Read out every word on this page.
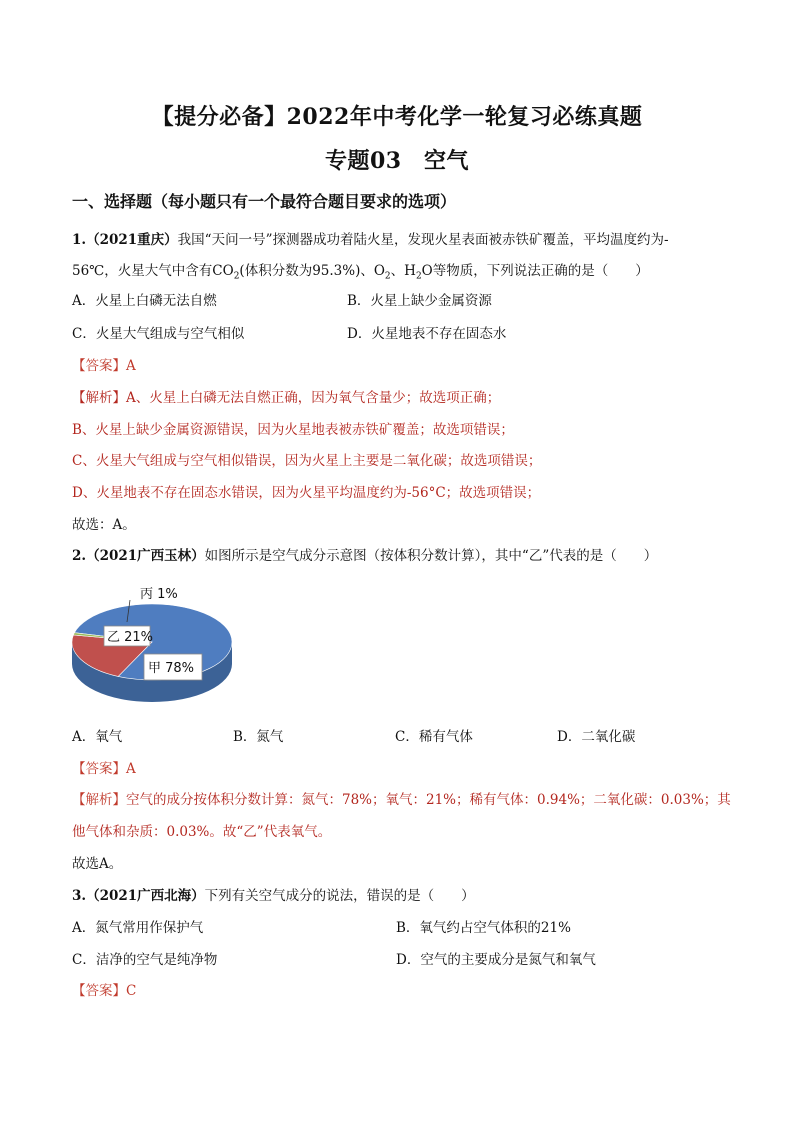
【提分必备】2022年中考化学一轮复习必练真题
专题03　空气
一、选择题（每小题只有一个最符合题目要求的选项）
1.（2021重庆）我国“天问一号”探测器成功着陆火星，发现火星表面被赤铁矿覆盖，平均温度约为-
56℃，火星大气中含有$CO_2$(体积分数为95.3%)、$O_2$、$H_2O$等物质，下列说法正确的是（　　）
A．火星上白磷无法自燃	B．火星上缺少金属资源
C．火星大气组成与空气相似	D．火星地表不存在固态水
【答案】A
【解析】A、火星上白磷无法自燃正确，因为氧气含量少；故选项正确；
B、火星上缺少金属资源错误，因为火星地表被赤铁矿覆盖；故选项错误；
C、火星大气组成与空气相似错误，因为火星上主要是二氧化碳；故选项错误；
D、火星地表不存在固态水错误，因为火星平均温度约为-56°C；故选项错误；
故选：A。
2.（2021广西玉林）如图所示是空气成分示意图（按体积分数计算），其中“乙”代表的是（　　）
丙 1%
乙 21%
甲 78%
A．氧气	B．氮气	C．稀有气体	D．二氧化碳
【答案】A
【解析】空气的成分按体积分数计算：氮气：78%；氧气：21%；稀有气体：0.94%；二氧化碳：0.03%；其
他气体和杂质：0.03%。故“乙”代表氧气。
故选A。
3.（2021广西北海）下列有关空气成分的说法，错误的是（　　）
A．氮气常用作保护气	B．氧气约占空气体积的21%
C．洁净的空气是纯净物	D．空气的主要成分是氮气和氧气
【答案】C
